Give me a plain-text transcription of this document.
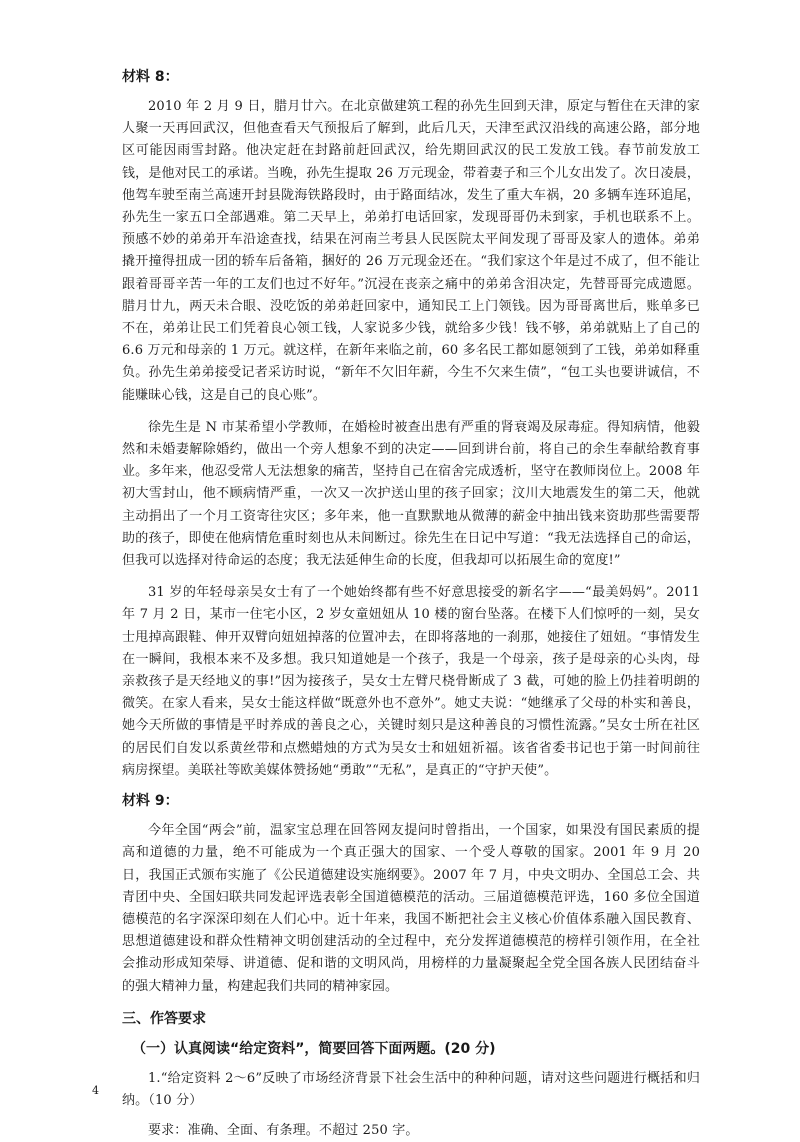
材料 8：

2010 年 2 月 9 日，腊月廿六。在北京做建筑工程的孙先生回到天津，原定与暂住在天津的家人聚一天再回武汉，但他查看天气预报后了解到，此后几天，天津至武汉沿线的高速公路，部分地区可能因雨雪封路。他决定赶在封路前赶回武汉，给先期回武汉的民工发放工钱。春节前发放工钱，是他对民工的承诺。当晚，孙先生提取 26 万元现金，带着妻子和三个儿女出发了。次日凌晨，他驾车驶至南兰高速开封县陇海铁路段时，由于路面结冰，发生了重大车祸，20 多辆车连环追尾，孙先生一家五口全部遇难。第二天早上，弟弟打电话回家，发现哥哥仍未到家，手机也联系不上。预感不妙的弟弟开车沿途查找，结果在河南兰考县人民医院太平间发现了哥哥及家人的遗体。弟弟撬开撞得扭成一团的轿车后备箱，捆好的 26 万元现金还在。“我们家这个年是过不成了，但不能让跟着哥哥辛苦一年的工友们也过不好年。”沉浸在丧亲之痛中的弟弟含泪决定，先替哥哥完成遗愿。腊月廿九，两天未合眼、没吃饭的弟弟赶回家中，通知民工上门领钱。因为哥哥离世后，账单多已不在，弟弟让民工们凭着良心领工钱，人家说多少钱，就给多少钱！钱不够，弟弟就贴上了自己的 6.6 万元和母亲的 1 万元。就这样，在新年来临之前，60 多名民工都如愿领到了工钱，弟弟如释重负。孙先生弟弟接受记者采访时说，“新年不欠旧年薪，今生不欠来生债”，“包工头也要讲诚信，不能赚昧心钱，这是自己的良心账”。

徐先生是 N 市某希望小学教师，在婚检时被查出患有严重的肾衰竭及尿毒症。得知病情，他毅然和未婚妻解除婚约，做出一个旁人想象不到的决定——回到讲台前，将自己的余生奉献给教育事业。多年来，他忍受常人无法想象的痛苦，坚持自己在宿舍完成透析，坚守在教师岗位上。2008 年初大雪封山，他不顾病情严重，一次又一次护送山里的孩子回家；汶川大地震发生的第二天，他就主动捐出了一个月工资寄往灾区；多年来，他一直默默地从微薄的薪金中抽出钱来资助那些需要帮助的孩子，即使在他病情危重时刻也从未间断过。徐先生在日记中写道：“我无法选择自己的命运，但我可以选择对待命运的态度；我无法延伸生命的长度，但我却可以拓展生命的宽度!”

31 岁的年轻母亲吴女士有了一个她始终都有些不好意思接受的新名字——“最美妈妈”。2011 年 7 月 2 日，某市一住宅小区，2 岁女童妞妞从 10 楼的窗台坠落。在楼下人们惊呼的一刻，吴女士甩掉高跟鞋、伸开双臂向妞妞掉落的位置冲去，在即将落地的一刹那，她接住了妞妞。“事情发生在一瞬间，我根本来不及多想。我只知道她是一个孩子，我是一个母亲，孩子是母亲的心头肉，母亲救孩子是天经地义的事!”因为接孩子，吴女士左臂尺桡骨断成了 3 截，可她的脸上仍挂着明朗的微笑。在家人看来，吴女士能这样做“既意外也不意外”。她丈夫说：“她继承了父母的朴实和善良，她今天所做的事情是平时养成的善良之心，关键时刻只是这种善良的习惯性流露。”吴女士所在社区的居民们自发以系黄丝带和点燃蜡烛的方式为吴女士和妞妞祈福。该省省委书记也于第一时间前往病房探望。美联社等欧美媒体赞扬她“勇敢”“无私”，是真正的“守护天使”。

材料 9：

今年全国“两会”前，温家宝总理在回答网友提问时曾指出，一个国家，如果没有国民素质的提高和道德的力量，绝不可能成为一个真正强大的国家、一个受人尊敬的国家。2001 年 9 月 20 日，我国正式颁布实施了《公民道德建设实施纲要》。2007 年 7 月，中央文明办、全国总工会、共青团中央、全国妇联共同发起评选表彰全国道德模范的活动。三届道德模范评选，160 多位全国道德模范的名字深深印刻在人们心中。近十年来，我国不断把社会主义核心价值体系融入国民教育、思想道德建设和群众性精神文明创建活动的全过程中，充分发挥道德模范的榜样引领作用，在全社会推动形成知荣辱、讲道德、促和谐的文明风尚，用榜样的力量凝聚起全党全国各族人民团结奋斗的强大精神力量，构建起我们共同的精神家园。

三、作答要求

（一）认真阅读“给定资料”，简要回答下面两题。(20 分)

1.“给定资料 2～6”反映了市场经济背景下社会生活中的种种问题，请对这些问题进行概括和归纳。（10 分）

要求：准确、全面、有条理。不超过 250 字。

4
